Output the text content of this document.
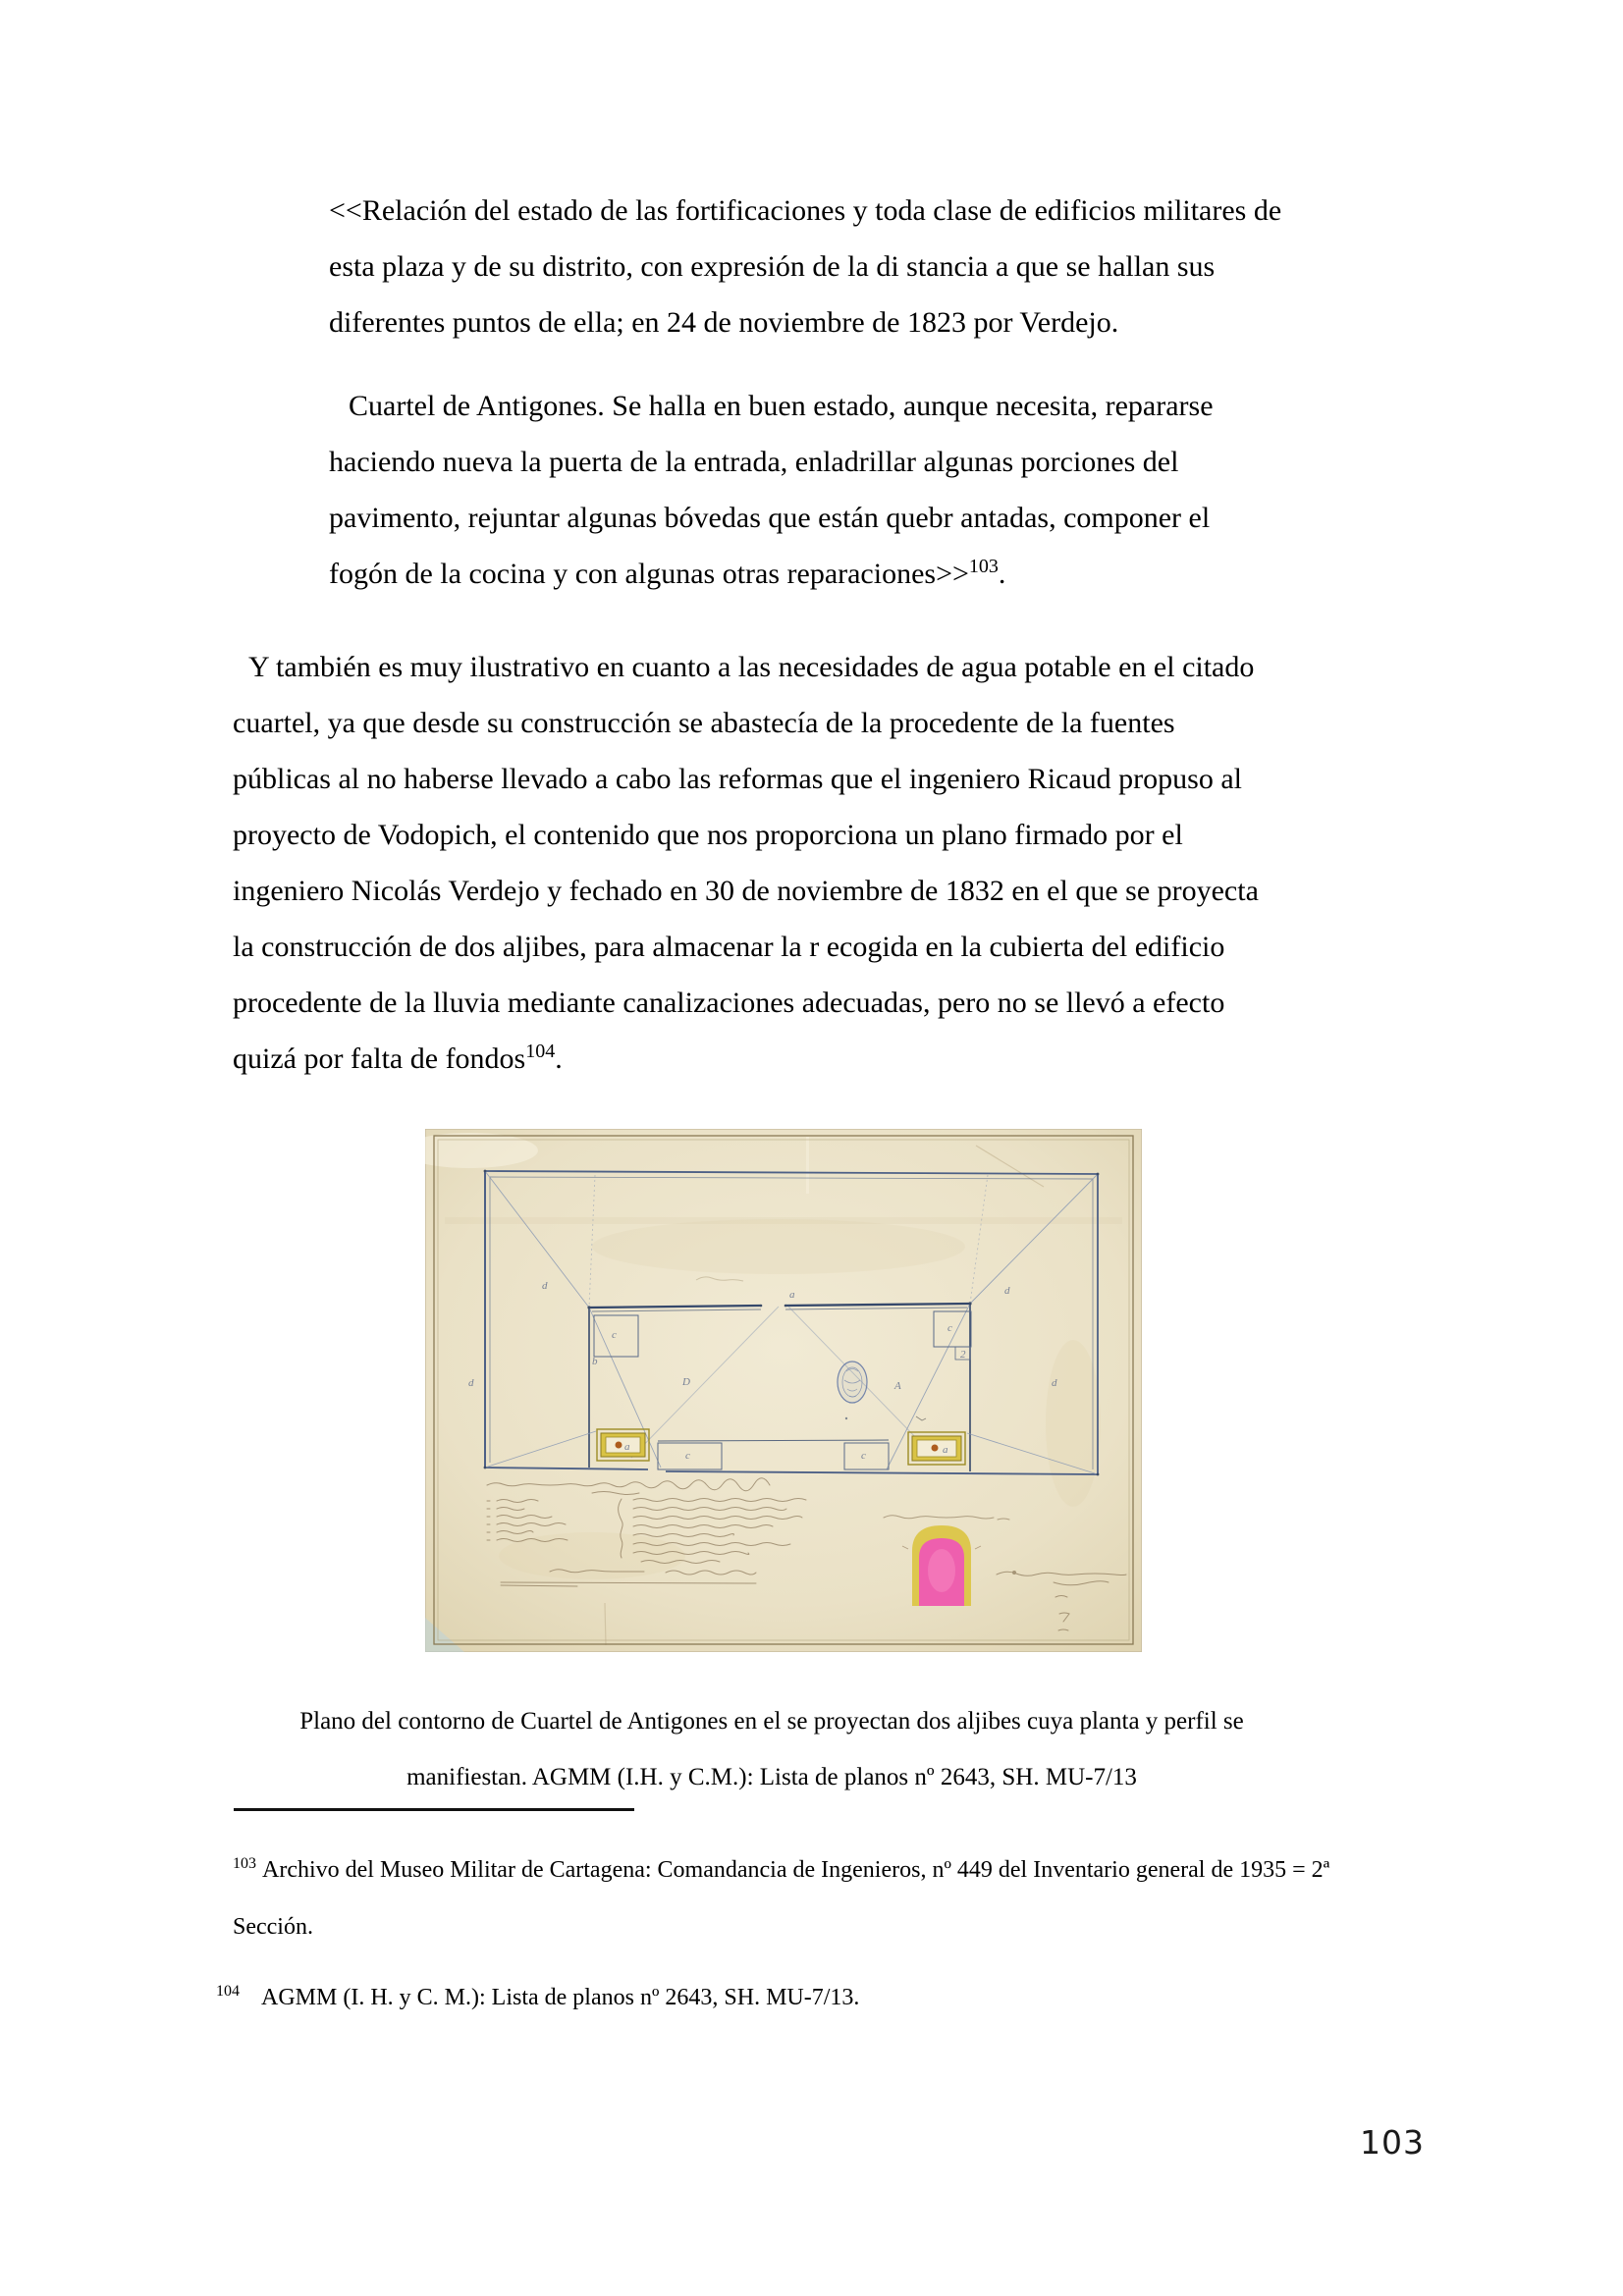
<<Relación del estado de las fortificaciones y toda clase de edificios militares de
esta plaza y de su distrito, con expresión de la di stancia a que se hallan sus
diferentes puntos de ella; en 24 de noviembre de 1823 por Verdejo.
Cuartel de Antigones. Se halla en buen estado, aunque necesita, repararse
haciendo nueva la puerta de la entrada, enladrillar algunas porciones del
pavimento, rejuntar algunas bóvedas que están quebr antadas, componer el
fogón de la cocina y con algunas otras reparaciones>>$^{103}$.
Y también es muy ilustrativo en cuanto a las necesidades de agua potable en el citado
cuartel, ya que desde su construcción se abastecía de la procedente de la fuentes
públicas al no haberse llevado a cabo las reformas que el ingeniero Ricaud propuso al
proyecto de Vodopich, el contenido que nos proporciona un plano firmado por el
ingeniero Nicolás Verdejo y fechado en 30 de noviembre de 1832 en el que se proyecta
la construcción de dos aljibes, para almacenar la r ecogida en la cubierta del edificio
procedente de la lluvia mediante canalizaciones adecuadas, pero no se llevó a efecto
quizá por falta de fondos$^{104}$.
a
d	d
d	d
D	A
c
c
b
2
c	c
a	a
Plano del contorno de Cuartel de Antigones en el se proyectan dos aljibes cuya planta y perfil se
manifiestan. AGMM (I.H. y C.M.): Lista de planos nº 2643, SH. MU-7/13
$^{103}$ Archivo del Museo Militar de Cartagena: Comandancia de Ingenieros, nº 449 del Inventario general de 1935 = 2ª
Sección.
$^{104}$ AGMM (I. H. y C. M.): Lista de planos nº 2643, SH. MU-7/13.
103
